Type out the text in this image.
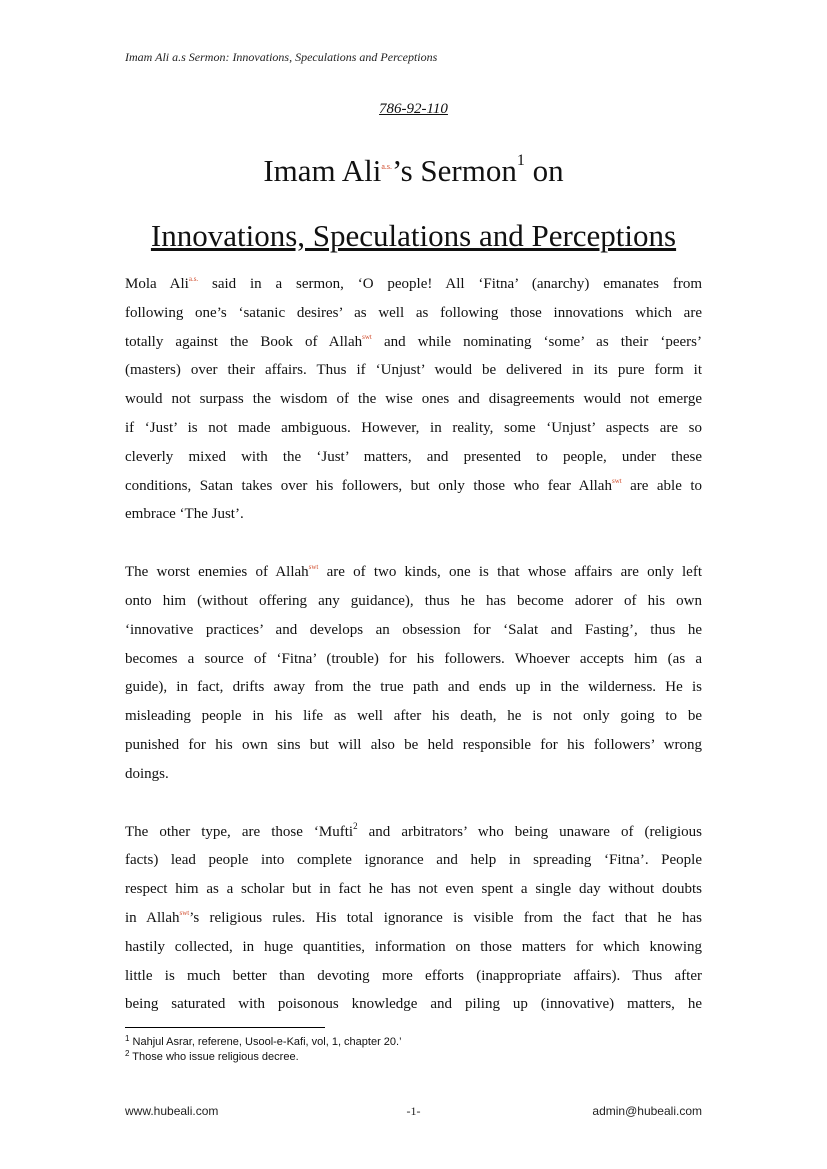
Imam Ali a.s Sermon: Innovations, Speculations and Perceptions
786-92-110
Imam Ali$^{a.s.}$’s Sermon$^1$ on
Innovations, Speculations and Perceptions

Mola Ali$^{a.s.}$ said in a sermon, ‘O people! All ‘Fitna’ (anarchy) emanates from

following one’s ‘satanic desires’ as well as following those innovations which are

totally against the Book of Allah$^{swt}$ and while nominating ‘some’ as their ‘peers’

(masters) over their affairs. Thus if ‘Unjust’ would be delivered in its pure form it

would not surpass the wisdom of the wise ones and disagreements would not emerge

if ‘Just’ is not made ambiguous. However, in reality, some ‘Unjust’ aspects are so

cleverly mixed with the ‘Just’ matters, and presented to people, under these

conditions, Satan takes over his followers, but only those who fear Allah$^{swt}$ are able to

embrace ‘The Just’.

The worst enemies of Allah$^{swt}$ are of two kinds, one is that whose affairs are only left

onto him (without offering any guidance), thus he has become adorer of his own

‘innovative practices’ and develops an obsession for ‘Salat and Fasting’, thus he

becomes a source of ‘Fitna’ (trouble) for his followers. Whoever accepts him (as a

guide), in fact, drifts away from the true path and ends up in the wilderness. He is

misleading people in his life as well after his death, he is not only going to be

punished for his own sins but will also be held responsible for his followers’ wrong

doings.

The other type, are those ‘Mufti$^2$ and arbitrators’ who being unaware of (religious

facts) lead people into complete ignorance and help in spreading ‘Fitna’. People

respect him as a scholar but in fact he has not even spent a single day without doubts

in Allah$^{swt}$’s religious rules. His total ignorance is visible from the fact that he has

hastily collected, in huge quantities, information on those matters for which knowing

little is much better than devoting more efforts (inappropriate affairs). Thus after

being saturated with poisonous knowledge and piling up (innovative) matters, he

$^1$ Nahjul Asrar, referene, Usool-e-Kafi, vol, 1, chapter 20.’
$^2$ Those who issue religious decree.
www.hubeali.com	-1-	admin@hubeali.com
